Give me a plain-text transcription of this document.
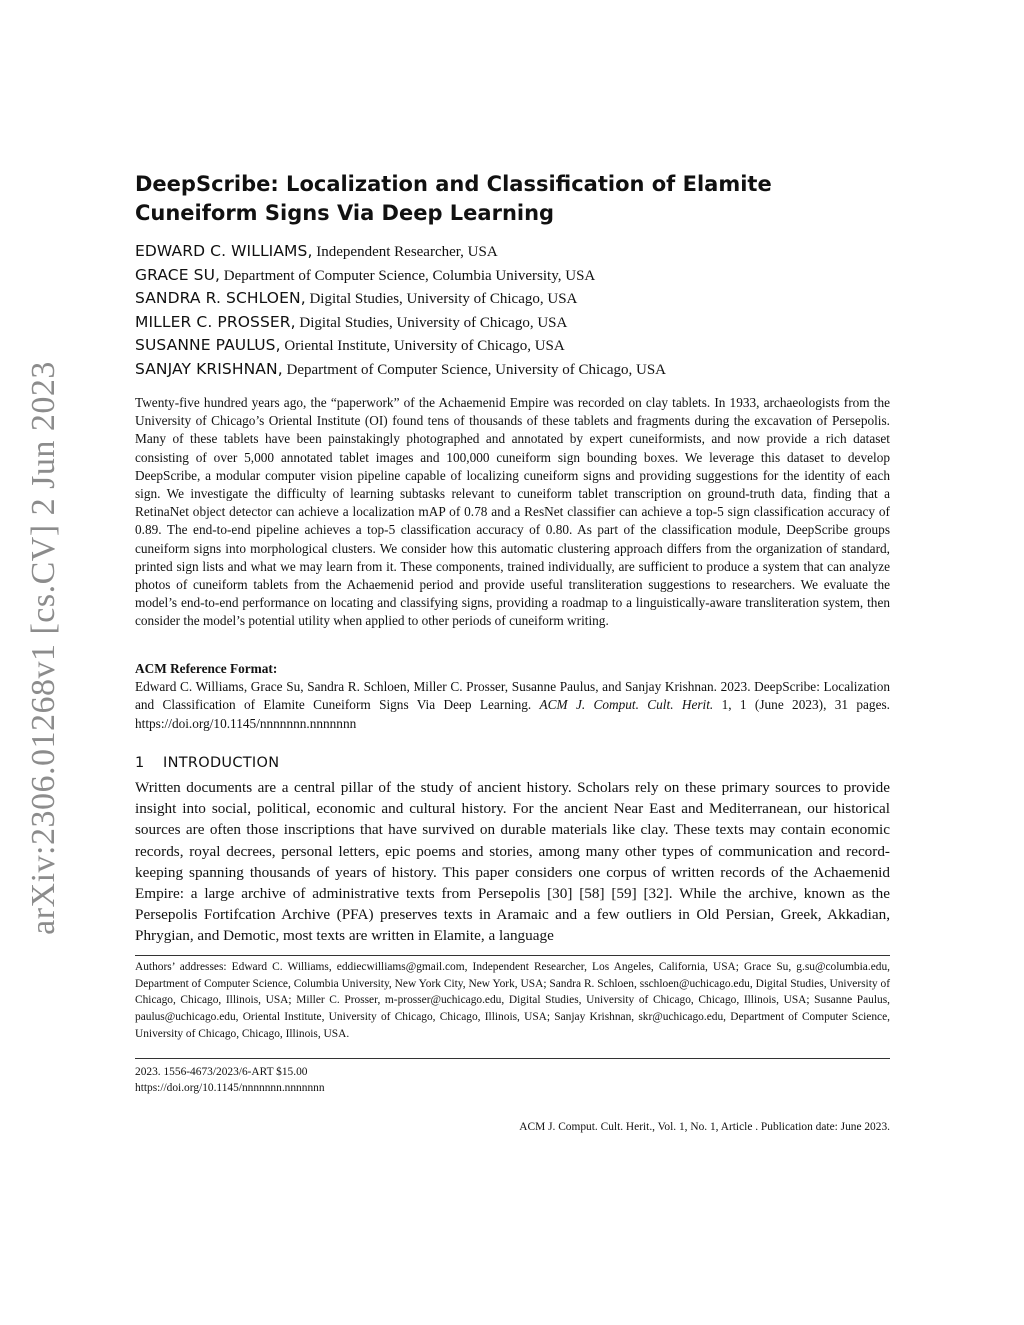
arXiv:2306.01268v1 [cs.CV] 2 Jun 2023
DeepScribe: Localization and Classification of Elamite Cuneiform Signs Via Deep Learning
EDWARD C. WILLIAMS, Independent Researcher, USA
GRACE SU, Department of Computer Science, Columbia University, USA
SANDRA R. SCHLOEN, Digital Studies, University of Chicago, USA
MILLER C. PROSSER, Digital Studies, University of Chicago, USA
SUSANNE PAULUS, Oriental Institute, University of Chicago, USA
SANJAY KRISHNAN, Department of Computer Science, University of Chicago, USA
Twenty-five hundred years ago, the “paperwork” of the Achaemenid Empire was recorded on clay tablets. In 1933, archaeologists from the University of Chicago’s Oriental Institute (OI) found tens of thousands of these tablets and fragments during the excavation of Persepolis. Many of these tablets have been painstakingly photographed and annotated by expert cuneiformists, and now provide a rich dataset consisting of over 5,000 annotated tablet images and 100,000 cuneiform sign bounding boxes. We leverage this dataset to develop DeepScribe, a modular computer vision pipeline capable of localizing cuneiform signs and providing suggestions for the identity of each sign. We investigate the difficulty of learning subtasks relevant to cuneiform tablet transcription on ground-truth data, finding that a RetinaNet object detector can achieve a localization mAP of 0.78 and a ResNet classifier can achieve a top-5 sign classification accuracy of 0.89. The end-to-end pipeline achieves a top-5 classification accuracy of 0.80. As part of the classification module, DeepScribe groups cuneiform signs into morphological clusters. We consider how this automatic clustering approach differs from the organization of standard, printed sign lists and what we may learn from it. These components, trained individually, are sufficient to produce a system that can analyze photos of cuneiform tablets from the Achaemenid period and provide useful transliteration suggestions to researchers. We evaluate the model’s end-to-end performance on locating and classifying signs, providing a roadmap to a linguistically-aware transliteration system, then consider the model’s potential utility when applied to other periods of cuneiform writing.
ACM Reference Format:
Edward C. Williams, Grace Su, Sandra R. Schloen, Miller C. Prosser, Susanne Paulus, and Sanjay Krishnan. 2023. DeepScribe: Localization and Classification of Elamite Cuneiform Signs Via Deep Learning. ACM J. Comput. Cult. Herit. 1, 1 (June 2023), 31 pages. https://doi.org/10.1145/nnnnnnn.nnnnnnn
1 INTRODUCTION
Written documents are a central pillar of the study of ancient history. Scholars rely on these primary sources to provide insight into social, political, economic and cultural history. For the ancient Near East and Mediterranean, our historical sources are often those inscriptions that have survived on durable materials like clay. These texts may contain economic records, royal decrees, personal letters, epic poems and stories, among many other types of communication and record-keeping spanning thousands of years of history. This paper considers one corpus of written records of the Achaemenid Empire: a large archive of administrative texts from Persepolis [30] [58] [59] [32]. While the archive, known as the Persepolis Fortifcation Archive (PFA) preserves texts in Aramaic and a few outliers in Old Persian, Greek, Akkadian, Phrygian, and Demotic, most texts are written in Elamite, a language
Authors’ addresses: Edward C. Williams, eddiecwilliams@gmail.com, Independent Researcher, Los Angeles, California, USA; Grace Su, g.su@columbia.edu, Department of Computer Science, Columbia University, New York City, New York, USA; Sandra R. Schloen, sschloen@uchicago.edu, Digital Studies, University of Chicago, Chicago, Illinois, USA; Miller C. Prosser, m-prosser@uchicago.edu, Digital Studies, University of Chicago, Chicago, Illinois, USA; Susanne Paulus, paulus@uchicago.edu, Oriental Institute, University of Chicago, Chicago, Illinois, USA; Sanjay Krishnan, skr@uchicago.edu, Department of Computer Science, University of Chicago, Chicago, Illinois, USA.
2023. 1556-4673/2023/6-ART $15.00
https://doi.org/10.1145/nnnnnnn.nnnnnnn
ACM J. Comput. Cult. Herit., Vol. 1, No. 1, Article . Publication date: June 2023.
